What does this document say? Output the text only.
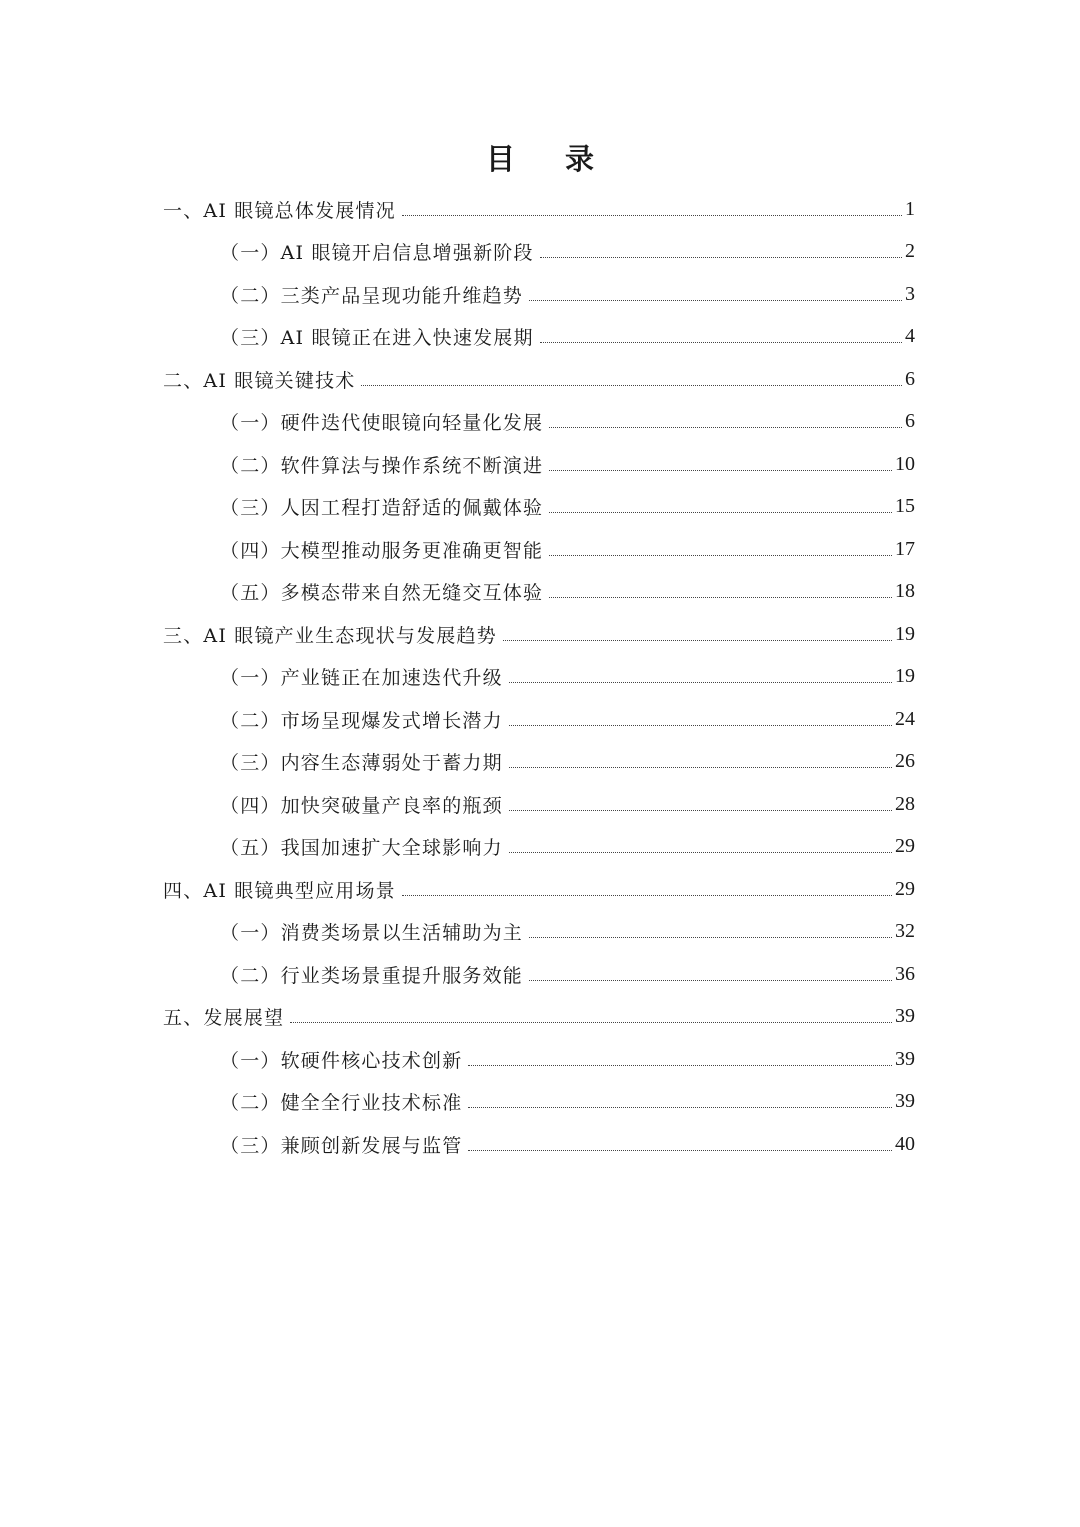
目 录
一、AI 眼镜总体发展情况	1
（一）AI 眼镜开启信息增强新阶段	2
（二）三类产品呈现功能升维趋势	3
（三）AI 眼镜正在进入快速发展期	4
二、AI 眼镜关键技术	6
（一）硬件迭代使眼镜向轻量化发展	6
（二）软件算法与操作系统不断演进	10
（三）人因工程打造舒适的佩戴体验	15
（四）大模型推动服务更准确更智能	17
（五）多模态带来自然无缝交互体验	18
三、AI 眼镜产业生态现状与发展趋势	19
（一）产业链正在加速迭代升级	19
（二）市场呈现爆发式增长潜力	24
（三）内容生态薄弱处于蓄力期	26
（四）加快突破量产良率的瓶颈	28
（五）我国加速扩大全球影响力	29
四、AI 眼镜典型应用场景	29
（一）消费类场景以生活辅助为主	32
（二）行业类场景重提升服务效能	36
五、发展展望	39
（一）软硬件核心技术创新	39
（二）健全全行业技术标准	39
（三）兼顾创新发展与监管	40
